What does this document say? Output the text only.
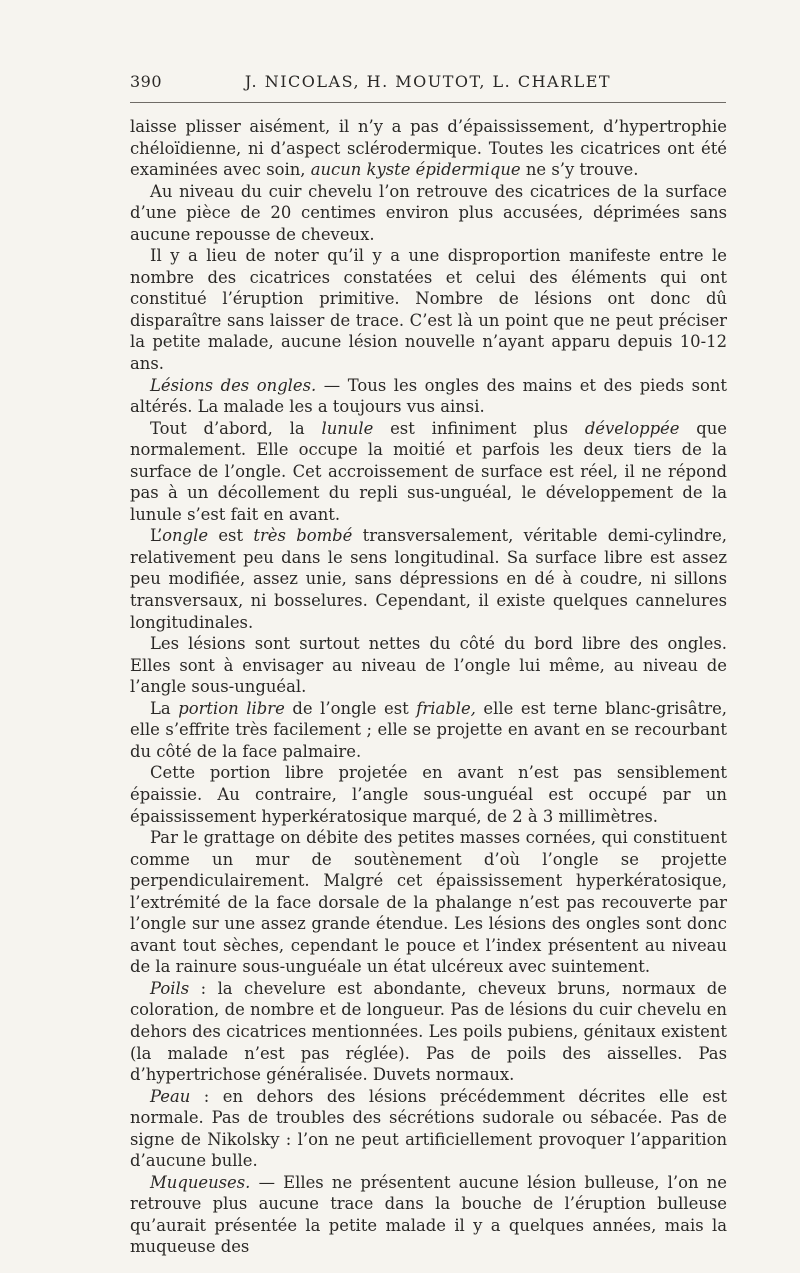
390	J. NICOLAS, H. MOUTOT, L. CHARLET

laisse plisser aisément, il n’y a pas d’épaississement, d’hypertrophie chéloïdienne, ni d’aspect sclérodermique. Toutes les cicatrices ont été examinées avec soin, aucun kyste épidermique ne s’y trouve.

Au niveau du cuir chevelu l’on retrouve des cicatrices de la surface d’une pièce de 20 centimes environ plus accusées, déprimées sans aucune repousse de cheveux.

Il y a lieu de noter qu’il y a une disproportion manifeste entre le nombre des cicatrices constatées et celui des éléments qui ont constitué l’éruption primitive. Nombre de lésions ont donc dû disparaître sans laisser de trace. C’est là un point que ne peut préciser la petite malade, aucune lésion nouvelle n’ayant apparu depuis 10-12 ans.

Lésions des ongles. — Tous les ongles des mains et des pieds sont altérés. La malade les a toujours vus ainsi.

Tout d’abord, la lunule est infiniment plus développée que normalement. Elle occupe la moitié et parfois les deux tiers de la surface de l’ongle. Cet accroissement de surface est réel, il ne répond pas à un décollement du repli sus-unguéal, le développement de la lunule s’est fait en avant.

L’ongle est très bombé transversalement, véritable demi-cylindre, relativement peu dans le sens longitudinal. Sa surface libre est assez peu modifiée, assez unie, sans dépressions en dé à coudre, ni sillons transversaux, ni bosselures. Cependant, il existe quelques cannelures longitudinales.

Les lésions sont surtout nettes du côté du bord libre des ongles. Elles sont à envisager au niveau de l’ongle lui même, au niveau de l’angle sous-unguéal.

La portion libre de l’ongle est friable, elle est terne blanc-grisâtre, elle s’effrite très facilement ; elle se projette en avant en se recourbant du côté de la face palmaire.

Cette portion libre projetée en avant n’est pas sensiblement épaissie. Au contraire, l’angle sous-unguéal est occupé par un épaississement hyperkératosique marqué, de 2 à 3 millimètres.

Par le grattage on débite des petites masses cornées, qui constituent comme un mur de soutènement d’où l’ongle se projette perpendiculairement. Malgré cet épaississement hyperkératosique, l’extrémité de la face dorsale de la phalange n’est pas recouverte par l’ongle sur une assez grande étendue. Les lésions des ongles sont donc avant tout sèches, cependant le pouce et l’index présentent au niveau de la rainure sous-unguéale un état ulcéreux avec suintement.

Poils : la chevelure est abondante, cheveux bruns, normaux de coloration, de nombre et de longueur. Pas de lésions du cuir chevelu en dehors des cicatrices mentionnées. Les poils pubiens, génitaux existent (la malade n’est pas réglée). Pas de poils des aisselles. Pas d’hypertrichose généralisée. Duvets normaux.

Peau : en dehors des lésions précédemment décrites elle est normale. Pas de troubles des sécrétions sudorale ou sébacée. Pas de signe de Nikolsky : l’on ne peut artificiellement provoquer l’apparition d’aucune bulle.

Muqueuses. — Elles ne présentent aucune lésion bulleuse, l’on ne retrouve plus aucune trace dans la bouche de l’éruption bulleuse qu’aurait présentée la petite malade il y a quelques années, mais la muqueuse des
